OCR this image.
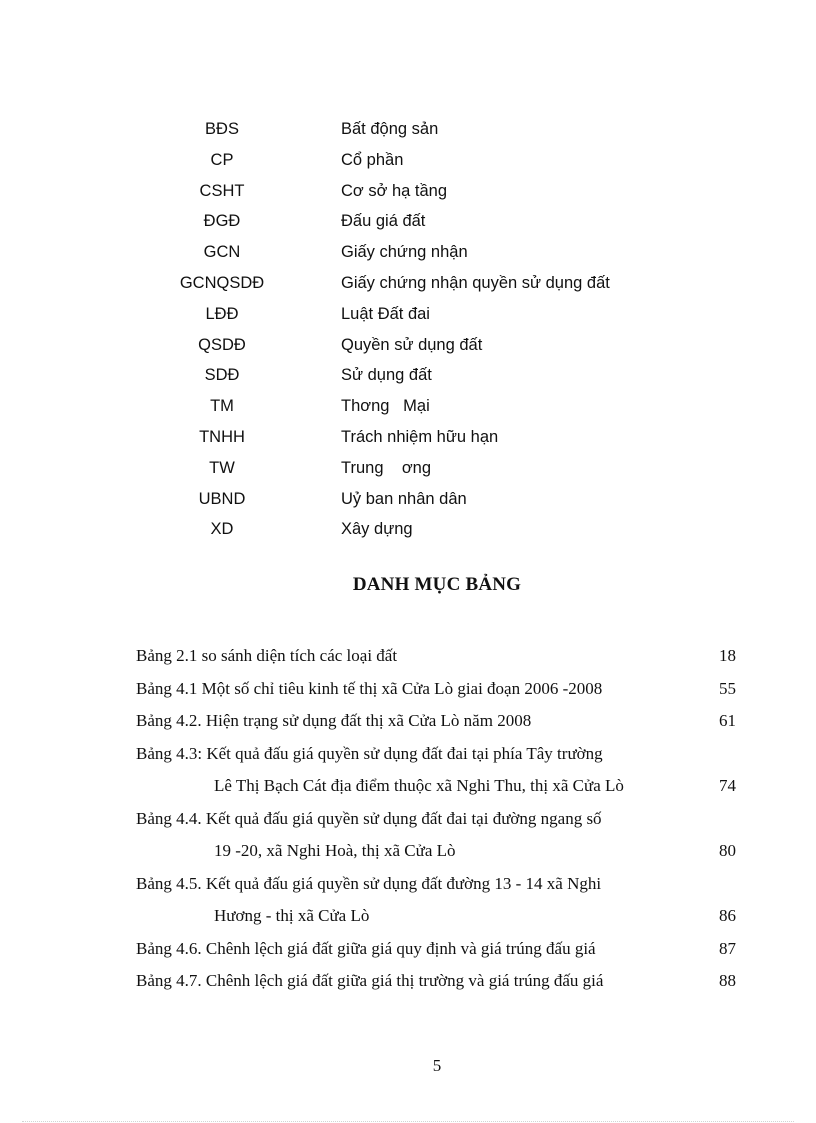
BĐS	Bất động sản
CP	Cổ phần
CSHT	Cơ sở hạ tầng
ĐGĐ	Đấu giá đất
GCN	Giấy chứng nhận
GCNQSDĐ	Giấy chứng nhận quyền sử dụng đất
LĐĐ	Luật Đất đai
QSDĐ	Quyền sử dụng đất
SDĐ	Sử dụng đất
TM	Thơng   Mại
TNHH	Trách nhiệm hữu hạn
TW	Trung    ơng
UBND	Uỷ ban nhân dân
XD	Xây dựng
DANH MỤC BẢNG
Bảng 2.1 so sánh diện tích các loại đất	18
Bảng 4.1 Một số chỉ tiêu kinh tế thị xã Cửa Lò giai đoạn 2006 -2008	55
Bảng 4.2. Hiện trạng sử dụng đất thị xã Cửa Lò năm 2008	61
Bảng 4.3: Kết quả đấu giá quyền sử dụng đất đai tại phía Tây trường
Lê Thị Bạch Cát địa điểm thuộc xã Nghi Thu, thị xã Cửa Lò	74
Bảng 4.4. Kết quả đấu giá quyền sử dụng đất đai tại đường ngang số
19 -20, xã Nghi Hoà, thị xã Cửa Lò	80
Bảng 4.5. Kết quả đấu giá quyền sử dụng đất đường 13 - 14 xã Nghi
Hương - thị xã Cửa Lò	86
Bảng 4.6. Chênh lệch giá đất giữa giá quy định và giá trúng đấu giá	87
Bảng 4.7. Chênh lệch giá đất giữa giá thị trường và giá trúng đấu giá	88
5
